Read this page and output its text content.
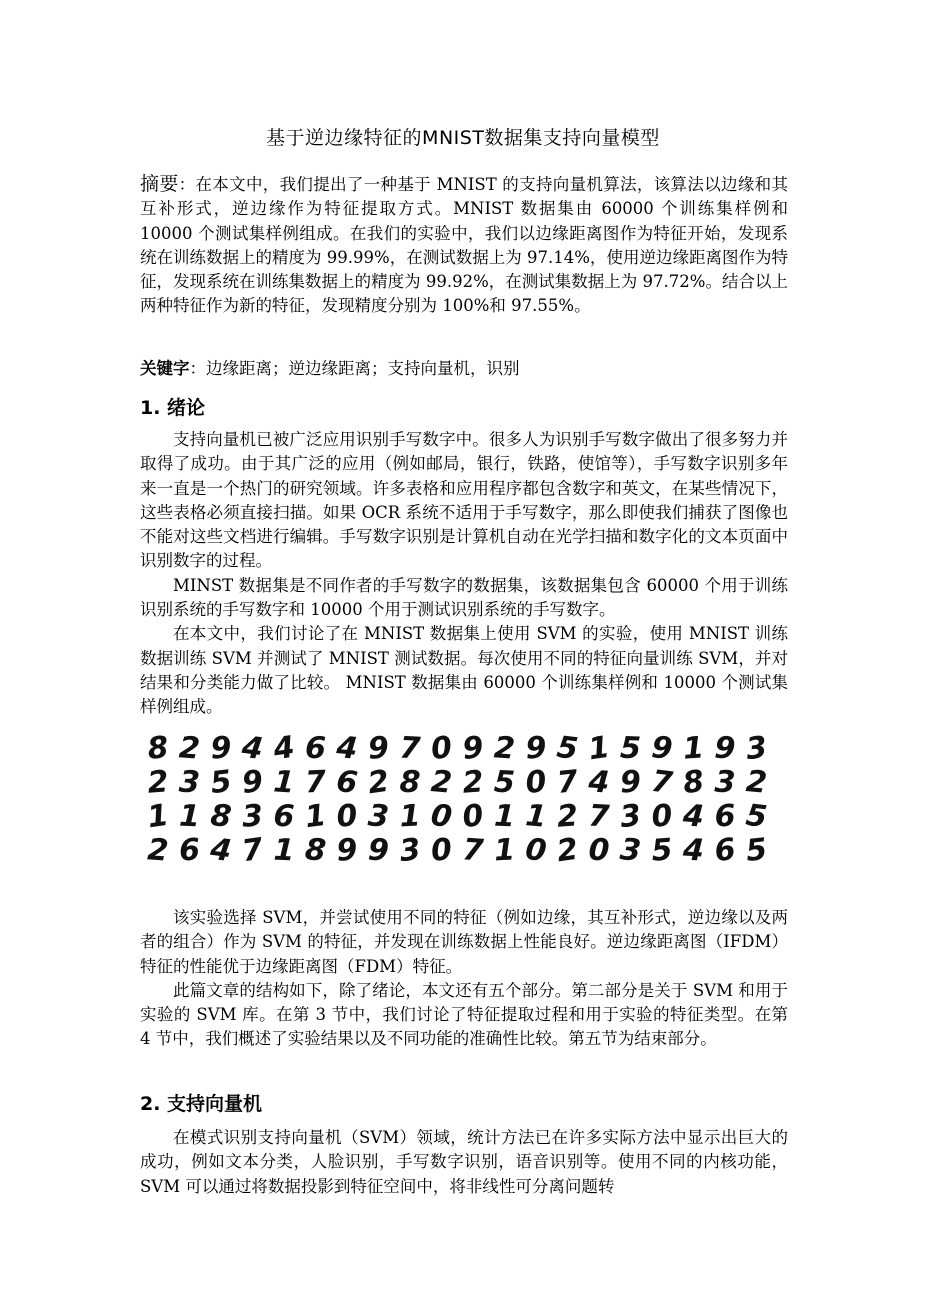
基于逆边缘特征的MNIST数据集支持向量模型
摘要：在本文中，我们提出了一种基于 MNIST 的支持向量机算法，该算法以边缘和其互补形式，逆边缘作为特征提取方式。MNIST 数据集由 60000 个训练集样例和 10000 个测试集样例组成。在我们的实验中，我们以边缘距离图作为特征开始，发现系统在训练数据上的精度为 99.99%，在测试数据上为 97.14%，使用逆边缘距离图作为特征，发现系统在训练集数据上的精度为 99.92%，在测试集数据上为 97.72%。结合以上两种特征作为新的特征，发现精度分别为 100%和 97.55%。
关键字：边缘距离；逆边缘距离；支持向量机，识别
1. 绪论

支持向量机已被广泛应用识别手写数字中。很多人为识别手写数字做出了很多努力并取得了成功。由于其广泛的应用（例如邮局，银行，铁路，使馆等），手写数字识别多年来一直是一个热门的研究领域。许多表格和应用程序都包含数字和英文，在某些情况下，这些表格必须直接扫描。如果 OCR 系统不适用于手写数字，那么即使我们捕获了图像也不能对这些文档进行编辑。手写数字识别是计算机自动在光学扫描和数字化的文本页面中识别数字的过程。

MINST 数据集是不同作者的手写数字的数据集，该数据集包含 60000 个用于训练识别系统的手写数字和 10000 个用于测试识别系统的手写数字。

在本文中，我们讨论了在 MNIST 数据集上使用 SVM 的实验，使用 MNIST 训练数据训练 SVM 并测试了 MNIST 测试数据。每次使用不同的特征向量训练 SVM，并对结果和分类能力做了比较。 MNIST 数据集由 60000 个训练集样例和 10000 个测试集样例组成。

8 2 9 4 4 6 4 9 7 0 9 2 9 5 1 5 9 1 9 3
2 3 5 9 1 7 6 2 8 2 2 5 0 7 4 9 7 8 3 2
1 1 8 3 6 1 0 3 1 0 0 1 1 2 7 3 0 4 6 5
2 6 4 7 1 8 9 9 3 0 7 1 0 2 0 3 5 4 6 5

该实验选择 SVM，并尝试使用不同的特征（例如边缘，其互补形式，逆边缘以及两者的组合）作为 SVM 的特征，并发现在训练数据上性能良好。逆边缘距离图（IFDM）特征的性能优于边缘距离图（FDM）特征。

此篇文章的结构如下，除了绪论，本文还有五个部分。第二部分是关于 SVM 和用于实验的 SVM 库。在第 3 节中，我们讨论了特征提取过程和用于实验的特征类型。在第 4 节中，我们概述了实验结果以及不同功能的准确性比较。第五节为结束部分。

2. 支持向量机

在模式识别支持向量机（SVM）领域，统计方法已在许多实际方法中显示出巨大的成功，例如文本分类，人脸识别，手写数字识别，语音识别等。使用不同的内核功能，SVM 可以通过将数据投影到特征空间中，将非线性可分离问题转
